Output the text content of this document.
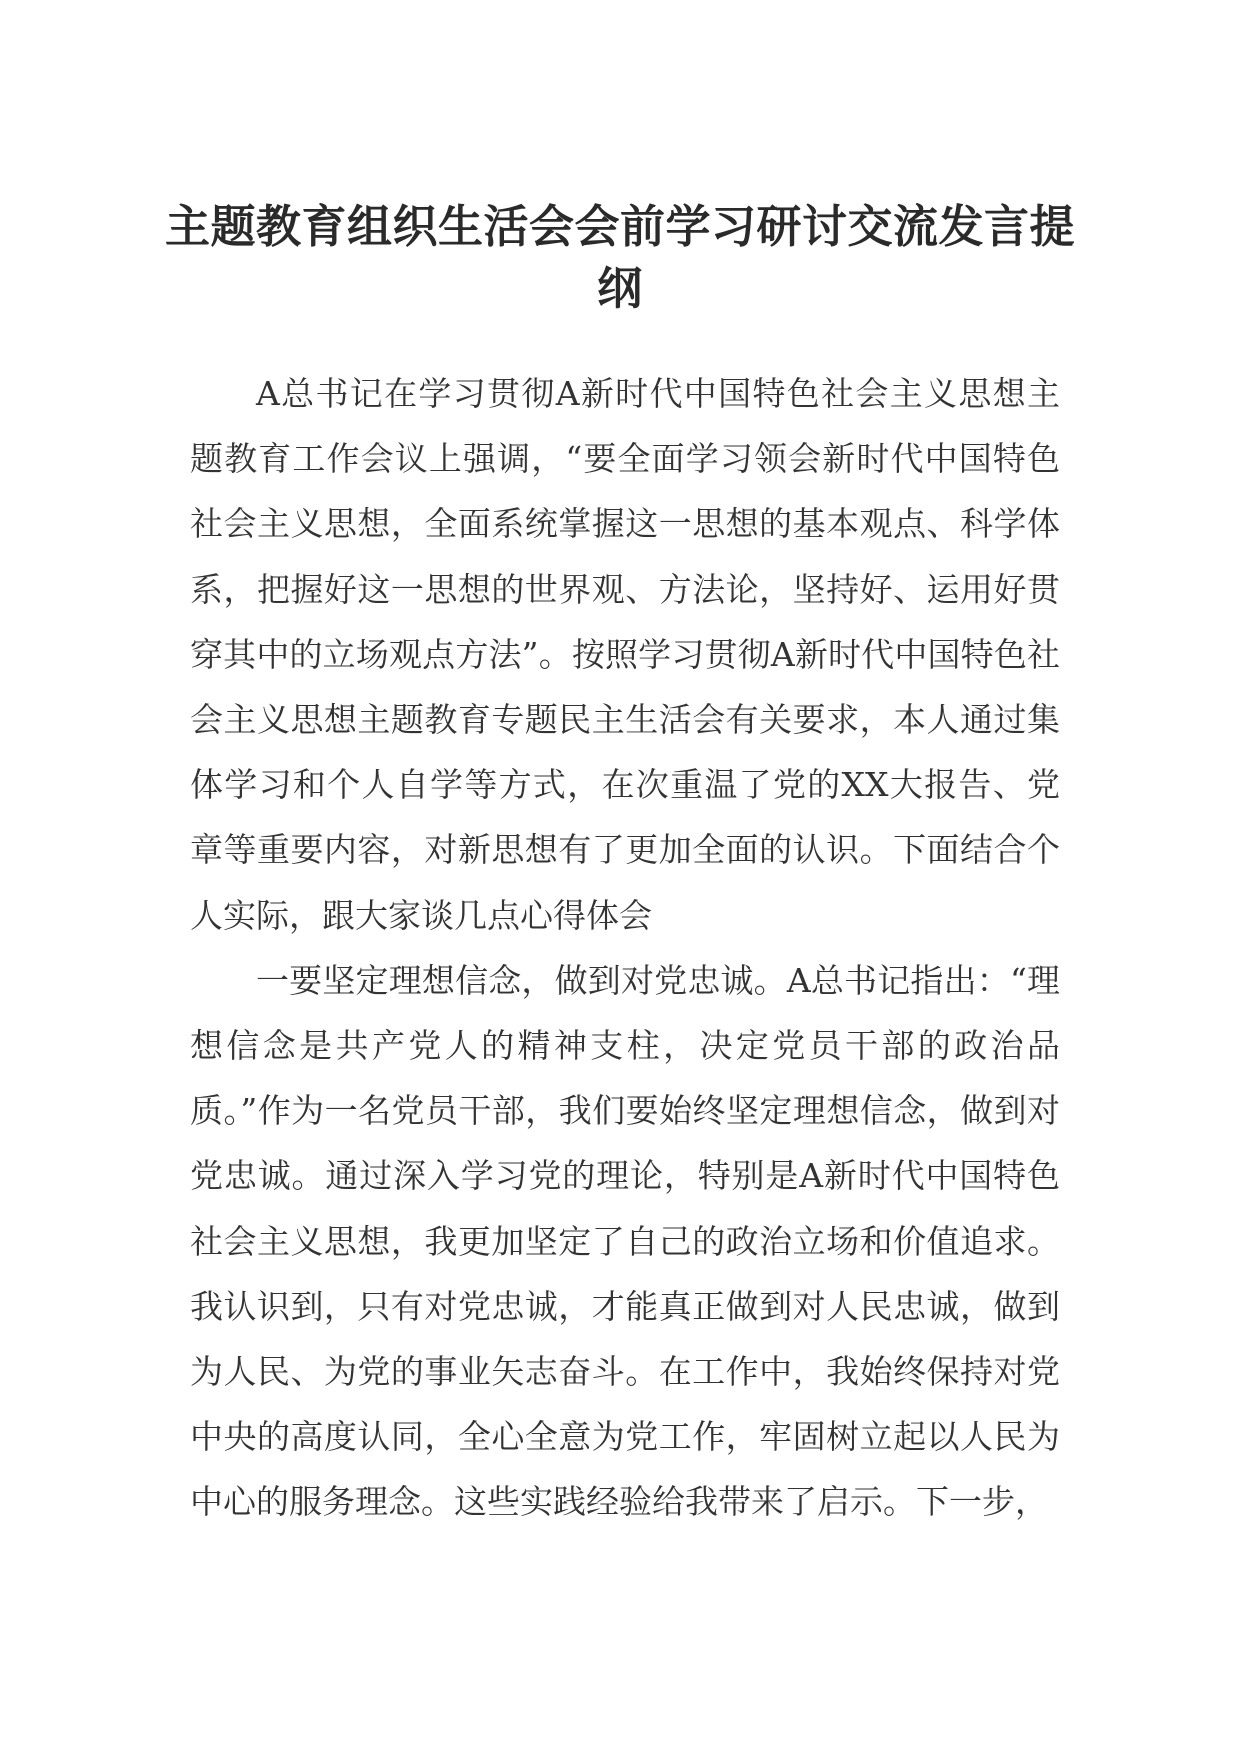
主题教育组织生活会会前学习研讨交流发言提纲

A总书记在学习贯彻A新时代中国特色社会主义思想主题教育工作会议上强调，“要全面学习领会新时代中国特色社会主义思想，全面系统掌握这一思想的基本观点、科学体系，把握好这一思想的世界观、方法论，坚持好、运用好贯穿其中的立场观点方法”。按照学习贯彻A新时代中国特色社会主义思想主题教育专题民主生活会有关要求，本人通过集体学习和个人自学等方式，在次重温了党的XX大报告、党章等重要内容，对新思想有了更加全面的认识。下面结合个人实际，跟大家谈几点心得体会

一要坚定理想信念，做到对党忠诚。A总书记指出：“理想信念是共产党人的精神支柱，决定党员干部的政治品质。”作为一名党员干部，我们要始终坚定理想信念，做到对党忠诚。通过深入学习党的理论，特别是A新时代中国特色社会主义思想，我更加坚定了自己的政治立场和价值追求。我认识到，只有对党忠诚，才能真正做到对人民忠诚，做到为人民、为党的事业矢志奋斗。在工作中，我始终保持对党中央的高度认同，全心全意为党工作，牢固树立起以人民为中心的服务理念。这些实践经验给我带来了启示。下一步，
